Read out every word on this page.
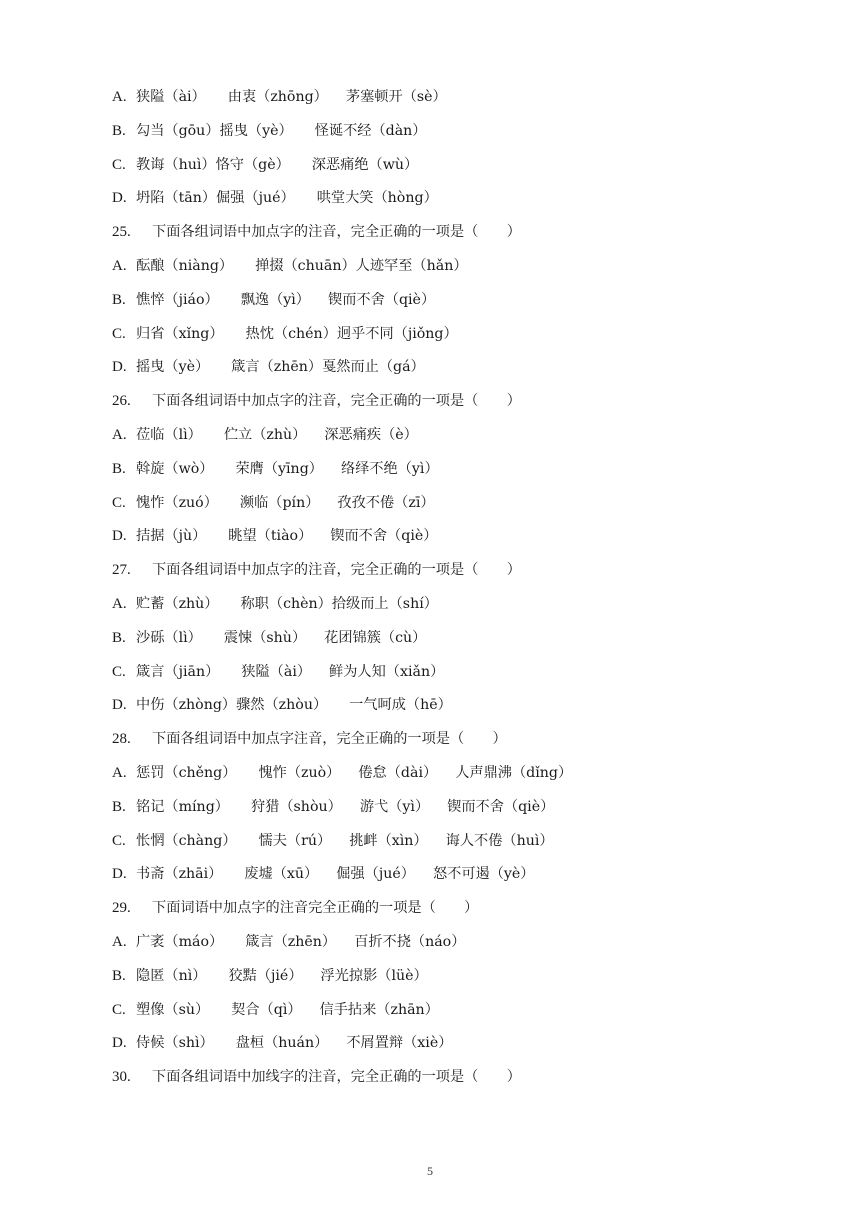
A. 狭隘（ài） 由衷（zhōng） 茅塞顿开（sè）
B. 勾当（gōu）摇曳（yè） 怪诞不经（dàn）
C. 教诲（huì）恪守（gè） 深恶痛绝（wù）
D. 坍陷（tān）倔强（jué） 哄堂大笑（hòng）
25. 下面各组词语中加点字的注音，完全正确的一项是（　　）
A. 酝酿（niàng） 掸掇（chuān）人迹罕至（hǎn）
B. 憔悴（jiáo） 飘逸（yì） 锲而不舍（qiè）
C. 归省（xǐng） 热忱（chén）迥乎不同（jiǒng）
D. 摇曳（yè） 箴言（zhēn）戛然而止（gá）
26. 下面各组词语中加点字的注音，完全正确的一项是（　　）
A. 莅临（lì） 伫立（zhù） 深恶痛疾（è）
B. 斡旋（wò） 荣膺（yīng） 络绎不绝（yì）
C. 愧怍（zuó） 濒临（pín） 孜孜不倦（zī）
D. 拮据（jù） 眺望（tiào） 锲而不舍（qiè）
27. 下面各组词语中加点字的注音，完全正确的一项是（　　）
A. 贮蓄（zhù） 称职（chèn）拾级而上（shí）
B. 沙砾（lì） 震悚（shù） 花团锦簇（cù）
C. 箴言（jiān） 狭隘（ài） 鲜为人知（xiǎn）
D. 中伤（zhòng）骤然（zhòu） 一气呵成（hē）
28. 下面各组词语中加点字注音，完全正确的一项是（　　）
A. 惩罚（chěng） 愧怍（zuò） 倦怠（dài） 人声鼎沸（dǐng）
B. 铭记（míng） 狩猎（shòu） 游弋（yì） 锲而不舍（qiè）
C. 怅惘（chàng） 懦夫（rú） 挑衅（xìn） 诲人不倦（huì）
D. 书斋（zhāi） 废墟（xū） 倔强（jué） 怒不可遏（yè）
29. 下面词语中加点字的注音完全正确的一项是（　　）
A. 广袤（máo） 箴言（zhēn） 百折不挠（náo）
B. 隐匿（nì） 狡黠（jié） 浮光掠影（lüè）
C. 塑像（sù） 契合（qì） 信手拈来（zhān）
D. 侍候（shì） 盘桓（huán） 不屑置辩（xiè）
30. 下面各组词语中加线字的注音，完全正确的一项是（　　）
5
